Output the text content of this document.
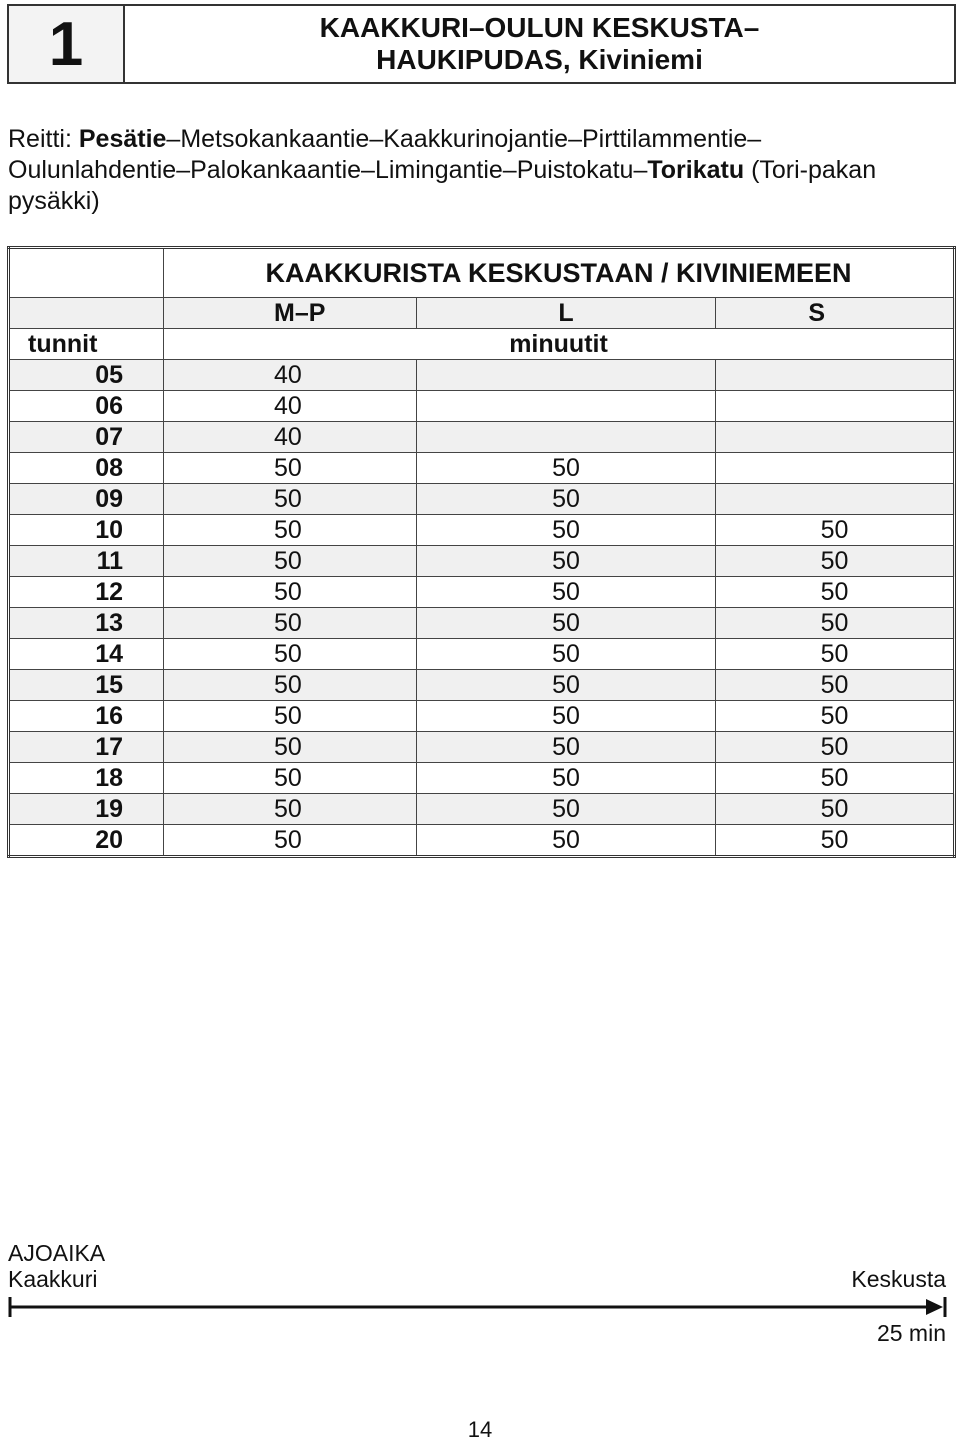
1	KAAKKURI–OULUN KESKUSTA–
HAUKIPUDAS, Kiviniemi
Reitti: Pesätie–Metsokankaantie–Kaakkurinojantie–Pirttilammentie–Oulunlahdentie–Palokankaantie–Limingantie–Puistokatu–Torikatu (Tori-pakan pysäkki)
	KAAKKURISTA KESKUSTAAN / KIVINIEMEEN		
	M–P	L	S
tunnit	minuutit		
05	40		
06	40		
07	40		
08	50	50	
09	50	50	
10	50	50	50
11	50	50	50
12	50	50	50
13	50	50	50
14	50	50	50
15	50	50	50
16	50	50	50
17	50	50	50
18	50	50	50
19	50	50	50
20	50	50	50
AJOAIKA
Kaakkuri	Keskusta
25 min
14
